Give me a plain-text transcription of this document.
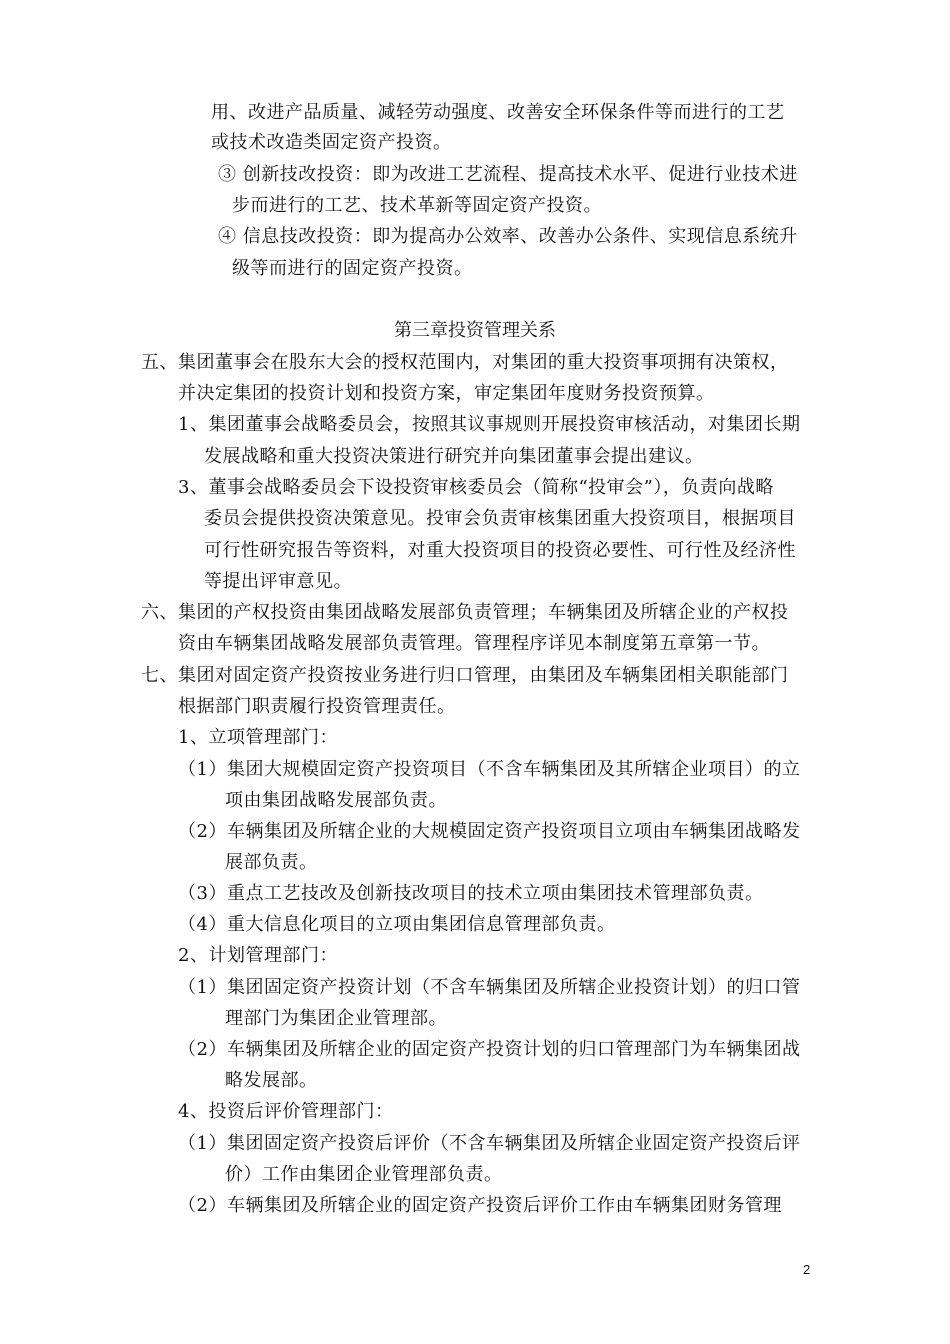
用、改进产品质量、减轻劳动强度、改善安全环保条件等而进行的工艺
或技术改造类固定资产投资。
③ 创新技改投资：即为改进工艺流程、提高技术水平、促进行业技术进
步而进行的工艺、技术革新等固定资产投资。
④ 信息技改投资：即为提高办公效率、改善办公条件、实现信息系统升
级等而进行的固定资产投资。
第三章投资管理关系
五、集团董事会在股东大会的授权范围内，对集团的重大投资事项拥有决策权，
并决定集团的投资计划和投资方案，审定集团年度财务投资预算。
1、集团董事会战略委员会，按照其议事规则开展投资审核活动，对集团长期
发展战略和重大投资决策进行研究并向集团董事会提出建议。
3、董事会战略委员会下设投资审核委员会（简称“投审会”），负责向战略
委员会提供投资决策意见。投审会负责审核集团重大投资项目，根据项目
可行性研究报告等资料，对重大投资项目的投资必要性、可行性及经济性
等提出评审意见。
六、集团的产权投资由集团战略发展部负责管理；车辆集团及所辖企业的产权投
资由车辆集团战略发展部负责管理。管理程序详见本制度第五章第一节。
七、集团对固定资产投资按业务进行归口管理，由集团及车辆集团相关职能部门
根据部门职责履行投资管理责任。
1、立项管理部门：
（1）集团大规模固定资产投资项目（不含车辆集团及其所辖企业项目）的立
项由集团战略发展部负责。
（2）车辆集团及所辖企业的大规模固定资产投资项目立项由车辆集团战略发
展部负责。
（3）重点工艺技改及创新技改项目的技术立项由集团技术管理部负责。
（4）重大信息化项目的立项由集团信息管理部负责。
2、计划管理部门：
（1）集团固定资产投资计划（不含车辆集团及所辖企业投资计划）的归口管
理部门为集团企业管理部。
（2）车辆集团及所辖企业的固定资产投资计划的归口管理部门为车辆集团战
略发展部。
4、投资后评价管理部门：
（1）集团固定资产投资后评价（不含车辆集团及所辖企业固定资产投资后评
价）工作由集团企业管理部负责。
（2）车辆集团及所辖企业的固定资产投资后评价工作由车辆集团财务管理
2
